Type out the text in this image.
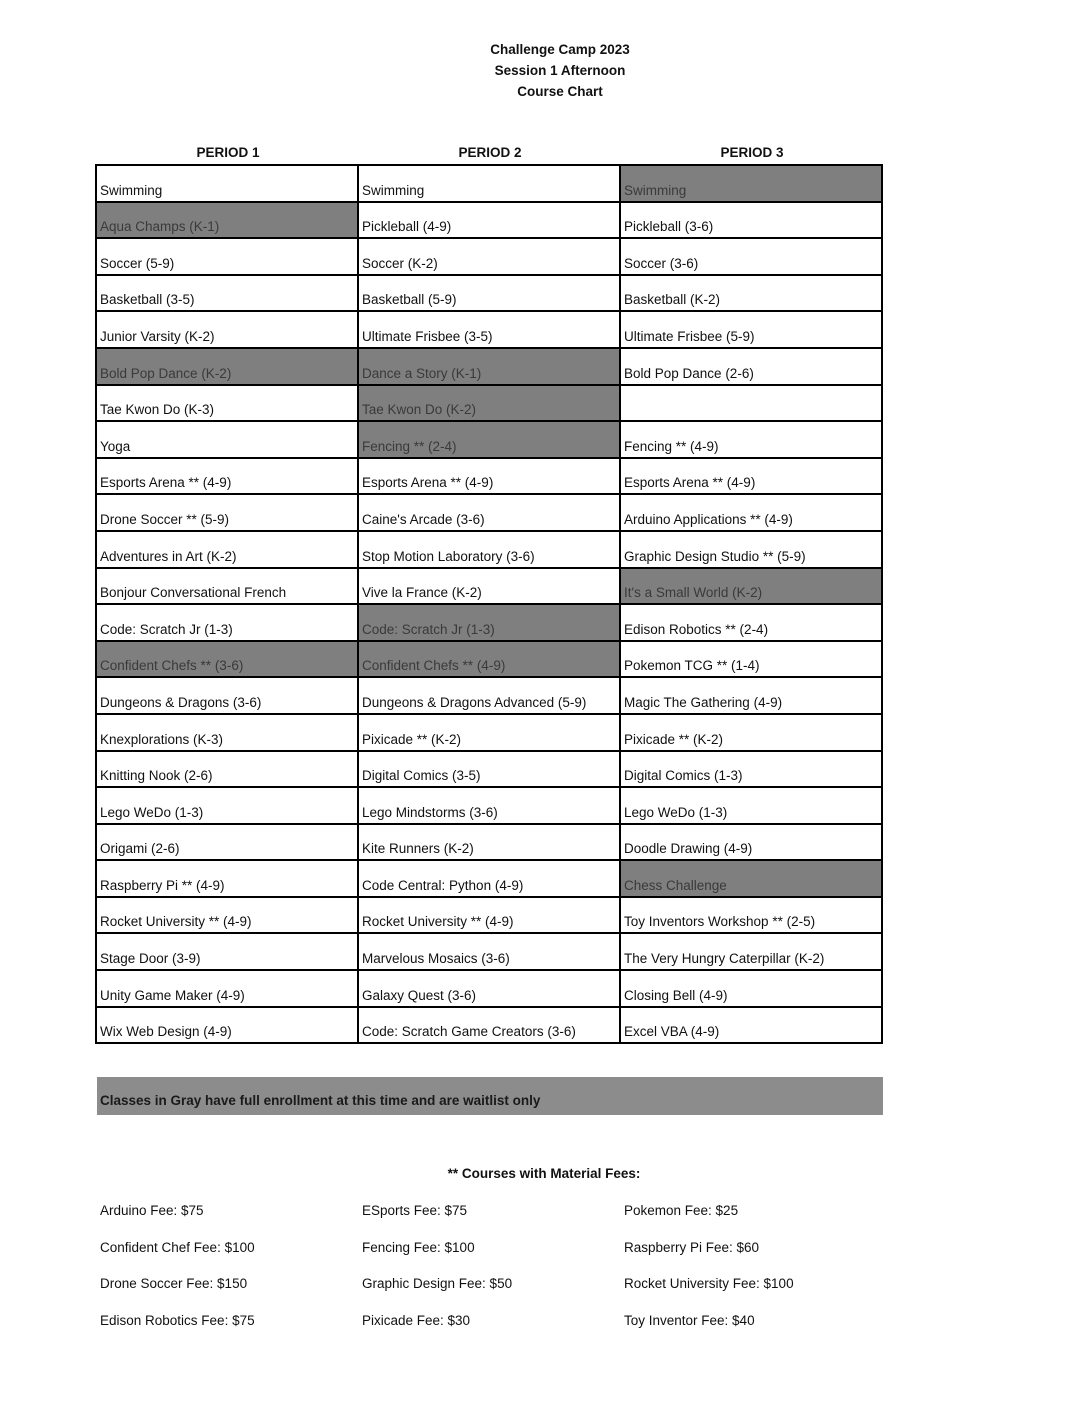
Challenge Camp 2023
Session 1 Afternoon
Course Chart
PERIOD 1	PERIOD 2	PERIOD 3
Swimming	Swimming	Swimming
Aqua Champs (K-1)	Pickleball (4-9)	Pickleball (3-6)
Soccer (5-9)	Soccer (K-2)	Soccer (3-6)
Basketball (3-5)	Basketball (5-9)	Basketball (K-2)
Junior Varsity (K-2)	Ultimate Frisbee (3-5)	Ultimate Frisbee (5-9)
Bold Pop Dance (K-2)	Dance a Story (K-1)	Bold Pop Dance (2-6)
Tae Kwon Do (K-3)	Tae Kwon Do (K-2)	
Yoga	Fencing ** (2-4)	Fencing ** (4-9)
Esports Arena ** (4-9)	Esports Arena ** (4-9)	Esports Arena ** (4-9)
Drone Soccer ** (5-9)	Caine's Arcade (3-6)	Arduino Applications ** (4-9)
Adventures in Art (K-2)	Stop Motion Laboratory (3-6)	Graphic Design Studio ** (5-9)
Bonjour Conversational French	Vive la France (K-2)	It's a Small World (K-2)
Code: Scratch Jr (1-3)	Code: Scratch Jr (1-3)	Edison Robotics ** (2-4)
Confident Chefs ** (3-6)	Confident Chefs ** (4-9)	Pokemon TCG ** (1-4)
Dungeons & Dragons (3-6)	Dungeons & Dragons Advanced (5-9)	Magic The Gathering (4-9)
Knexplorations (K-3)	Pixicade ** (K-2)	Pixicade ** (K-2)
Knitting Nook (2-6)	Digital Comics (3-5)	Digital Comics (1-3)
Lego WeDo (1-3)	Lego Mindstorms (3-6)	Lego WeDo (1-3)
Origami (2-6)	Kite Runners (K-2)	Doodle Drawing (4-9)
Raspberry Pi ** (4-9)	Code Central: Python (4-9)	Chess Challenge
Rocket University ** (4-9)	Rocket University ** (4-9)	Toy Inventors Workshop ** (2-5)
Stage Door (3-9)	Marvelous Mosaics (3-6)	The Very Hungry Caterpillar (K-2)
Unity Game Maker (4-9)	Galaxy Quest (3-6)	Closing Bell (4-9)
Wix Web Design (4-9)	Code: Scratch Game Creators (3-6)	Excel VBA (4-9)
Classes in Gray have full enrollment at this time and are waitlist only
** Courses with Material Fees:
Arduino Fee: $75
Confident Chef Fee: $100
Drone Soccer Fee: $150
Edison Robotics Fee: $75
ESports Fee: $75
Fencing Fee: $100
Graphic Design Fee: $50
Pixicade Fee: $30
Pokemon Fee: $25
Raspberry Pi Fee: $60
Rocket University Fee: $100
Toy Inventor Fee: $40
